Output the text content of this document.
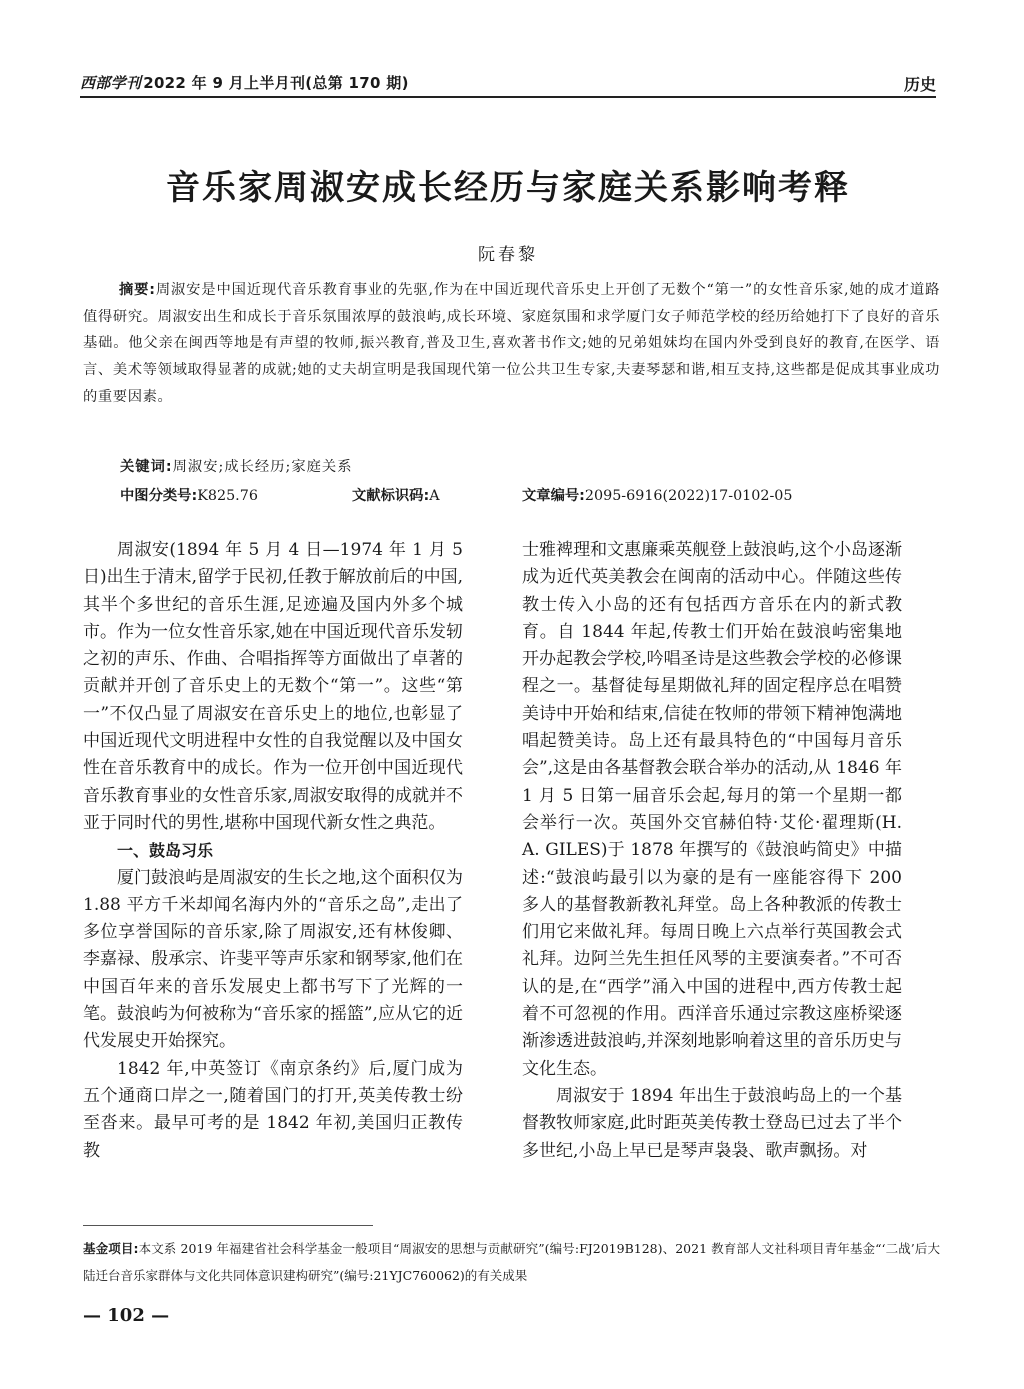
西部学刊 2022 年 9 月上半月刊(总第 170 期)	历史
音乐家周淑安成长经历与家庭关系影响考释
阮春黎

摘要:周淑安是中国近现代音乐教育事业的先驱,作为在中国近现代音乐史上开创了无数个“第一”的女性音乐家,她的成才道路值得研究。周淑安出生和成长于音乐氛围浓厚的鼓浪屿,成长环境、家庭氛围和求学厦门女子师范学校的经历给她打下了良好的音乐基础。他父亲在闽西等地是有声望的牧师,振兴教育,普及卫生,喜欢著书作文;她的兄弟姐妹均在国内外受到良好的教育,在医学、语言、美术等领域取得显著的成就;她的丈夫胡宣明是我国现代第一位公共卫生专家,夫妻琴瑟和谐,相互支持,这些都是促成其事业成功的重要因素。

关键词:周淑安;成长经历;家庭关系
中图分类号:K825.76	文献标识码:A	文章编号:2095-6916(2022)17-0102-05

周淑安(1894 年 5 月 4 日—1974 年 1 月 5 日)出生于清末,留学于民初,任教于解放前后的中国,其半个多世纪的音乐生涯,足迹遍及国内外多个城市。作为一位女性音乐家,她在中国近现代音乐发轫之初的声乐、作曲、合唱指挥等方面做出了卓著的贡献并开创了音乐史上的无数个“第一”。这些“第一”不仅凸显了周淑安在音乐史上的地位,也彰显了中国近现代文明进程中女性的自我觉醒以及中国女性在音乐教育中的成长。作为一位开创中国近现代音乐教育事业的女性音乐家,周淑安取得的成就并不亚于同时代的男性,堪称中国现代新女性之典范。

一、鼓岛习乐

厦门鼓浪屿是周淑安的生长之地,这个面积仅为 1.88 平方千米却闻名海内外的“音乐之岛”,走出了多位享誉国际的音乐家,除了周淑安,还有林俊卿、李嘉禄、殷承宗、许斐平等声乐家和钢琴家,他们在中国百年来的音乐发展史上都书写下了光辉的一笔。鼓浪屿为何被称为“音乐家的摇篮”,应从它的近代发展史开始探究。

1842 年,中英签订《南京条约》后,厦门成为五个通商口岸之一,随着国门的打开,英美传教士纷至沓来。最早可考的是 1842 年初,美国归正教传教

士雅裨理和文惠廉乘英舰登上鼓浪屿,这个小岛逐渐成为近代英美教会在闽南的活动中心。伴随这些传教士传入小岛的还有包括西方音乐在内的新式教育。自 1844 年起,传教士们开始在鼓浪屿密集地开办起教会学校,吟唱圣诗是这些教会学校的必修课程之一。基督徒每星期做礼拜的固定程序总在唱赞美诗中开始和结束,信徒在牧师的带领下精神饱满地唱起赞美诗。岛上还有最具特色的“中国每月音乐会”,这是由各基督教会联合举办的活动,从 1846 年 1 月 5 日第一届音乐会起,每月的第一个星期一都会举行一次。英国外交官赫伯特·艾伦·翟理斯(H. A. GILES)于 1878 年撰写的《鼓浪屿简史》中描述:“鼓浪屿最引以为豪的是有一座能容得下 200 多人的基督教新教礼拜堂。岛上各种教派的传教士们用它来做礼拜。每周日晚上六点举行英国教会式礼拜。边阿兰先生担任风琴的主要演奏者。”不可否认的是,在“西学”涌入中国的进程中,西方传教士起着不可忽视的作用。西洋音乐通过宗教这座桥梁逐渐渗透进鼓浪屿,并深刻地影响着这里的音乐历史与文化生态。

周淑安于 1894 年出生于鼓浪屿岛上的一个基督教牧师家庭,此时距英美传教士登岛已过去了半个多世纪,小岛上早已是琴声袅袅、歌声飘扬。对

基金项目:本文系 2019 年福建省社会科学基金一般项目“周淑安的思想与贡献研究”(编号:FJ2019B128)、2021 教育部人文社科项目青年基金“‘二战’后大陆迁台音乐家群体与文化共同体意识建构研究”(编号:21YJC760062)的有关成果

— 102 —
